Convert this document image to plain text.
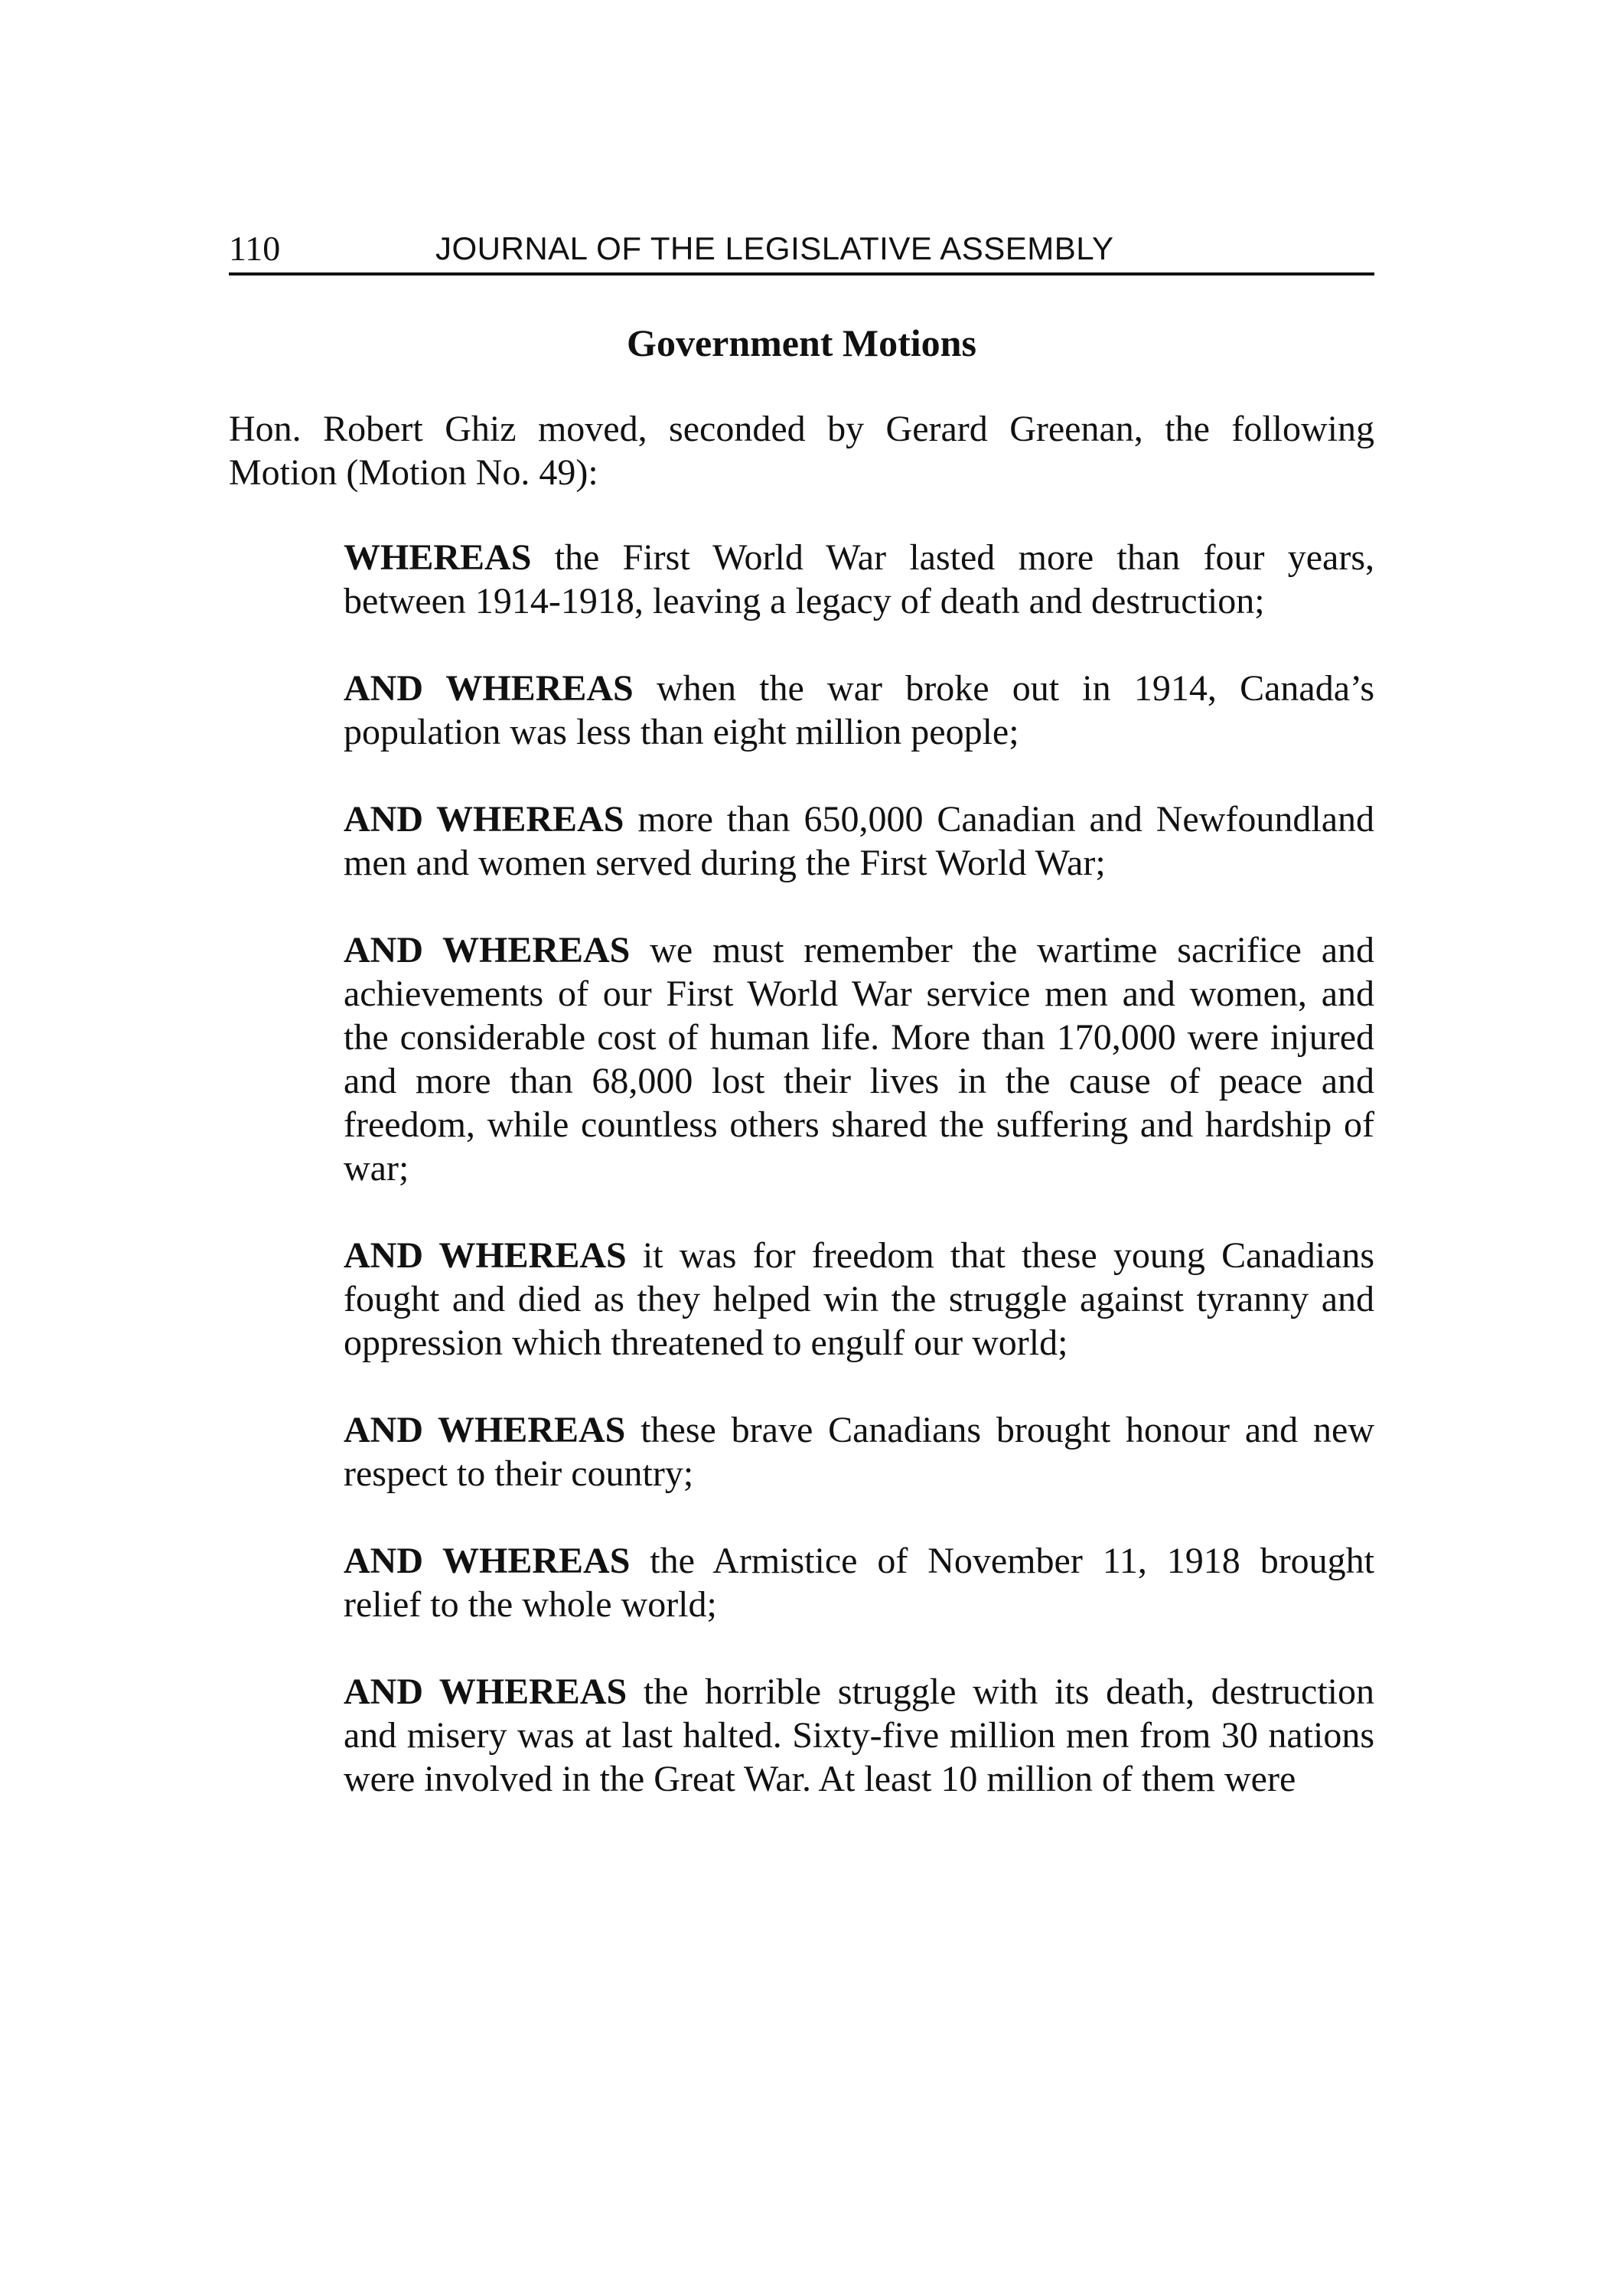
110	JOURNAL OF THE LEGISLATIVE ASSEMBLY
Government Motions

Hon. Robert Ghiz moved, seconded by Gerard Greenan, the following Motion (Motion No. 49):

WHEREAS the First World War lasted more than four years, between 1914-1918, leaving a legacy of death and destruction;

AND WHEREAS when the war broke out in 1914, Canada’s population was less than eight million people;

AND WHEREAS more than 650,000 Canadian and Newfoundland men and women served during the First World War;

AND WHEREAS we must remember the wartime sacrifice and achievements of our First World War service men and women, and the considerable cost of human life. More than 170,000 were injured and more than 68,000 lost their lives in the cause of peace and freedom, while countless others shared the suffering and hardship of war;

AND WHEREAS it was for freedom that these young Canadians fought and died as they helped win the struggle against tyranny and oppression which threatened to engulf our world;

AND WHEREAS these brave Canadians brought honour and new respect to their country;

AND WHEREAS the Armistice of November 11, 1918 brought relief to the whole world;

AND WHEREAS the horrible struggle with its death, destruction and misery was at last halted. Sixty-five million men from 30 nations were involved in the Great War. At least 10 million of them were
